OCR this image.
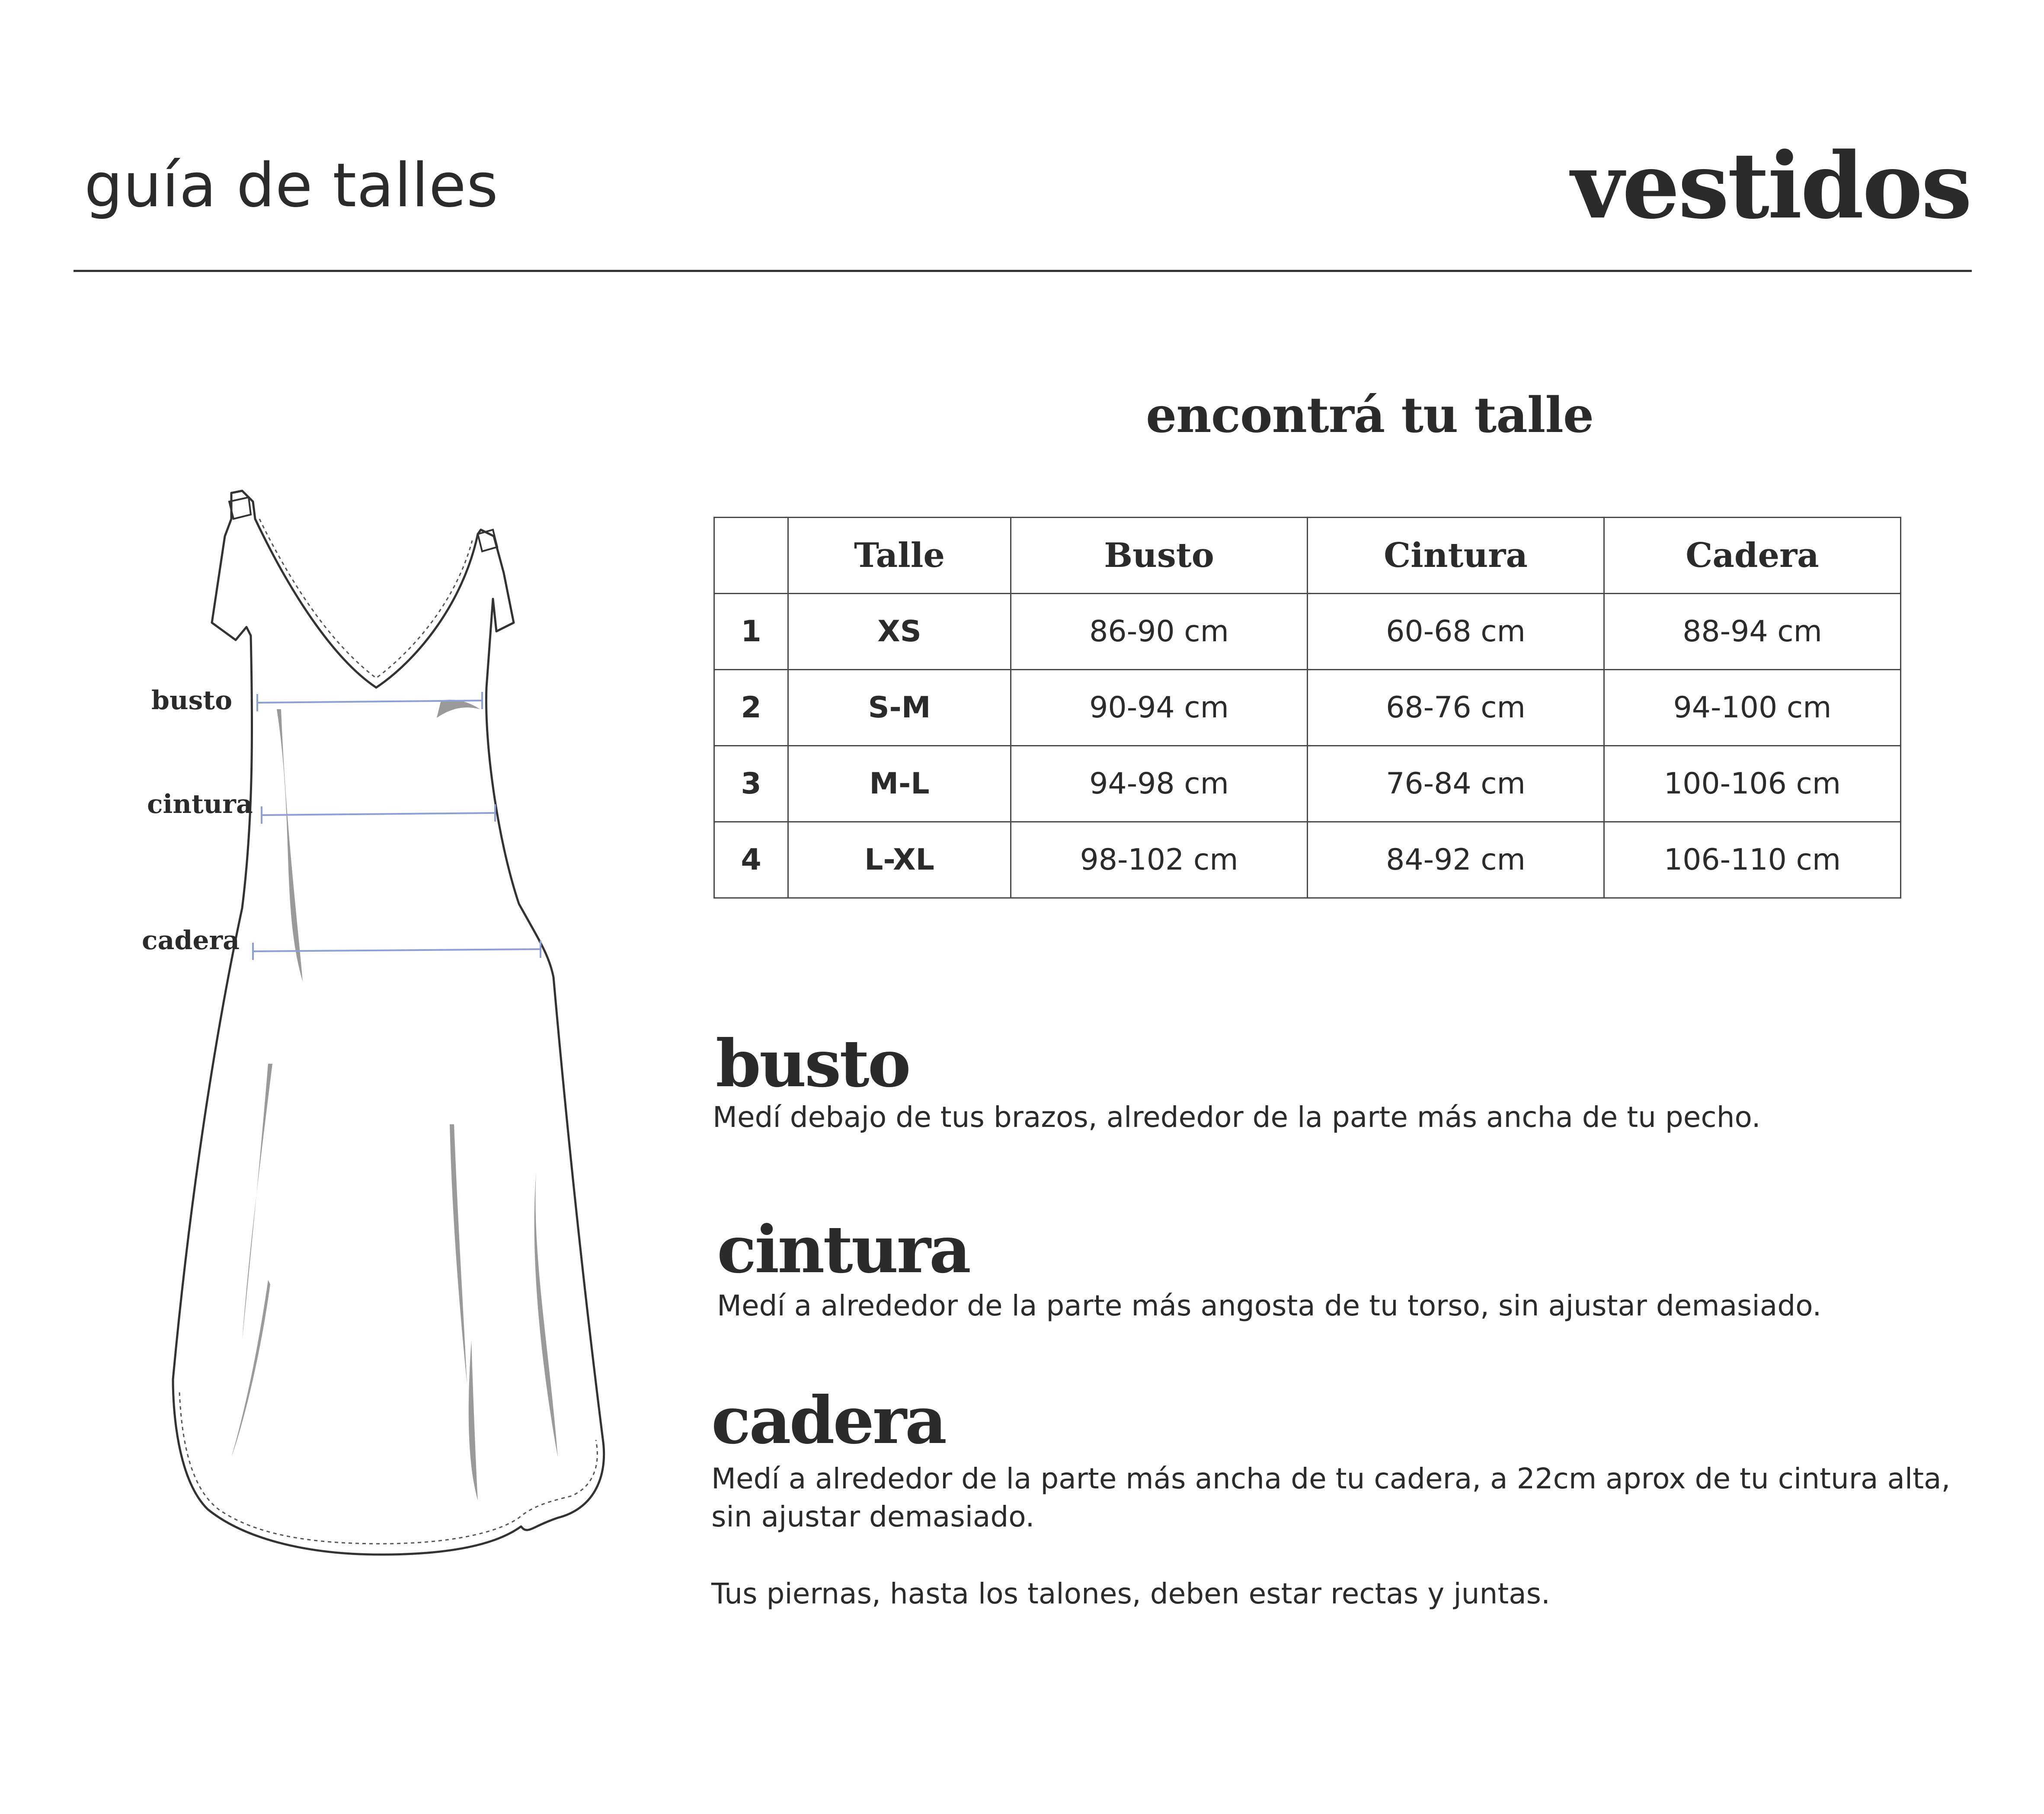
guía de talles	vestidos
busto
cintura
cadera
encontrá tu talle
	Talle	Busto	Cintura	Cadera
1	XS	86-90 cm	60-68 cm	88-94 cm
2	S-M	90-94 cm	68-76 cm	94-100 cm
3	M-L	94-98 cm	76-84 cm	100-106 cm
4	L-XL	98-102 cm	84-92 cm	106-110 cm
busto
Medí debajo de tus brazos, alrededor de la parte más ancha de tu pecho.
cintura
Medí a alrededor de la parte más angosta de tu torso, sin ajustar demasiado.
cadera
Medí a alrededor de la parte más ancha de tu cadera, a 22cm aprox de tu cintura alta,
sin ajustar demasiado.
Tus piernas, hasta los talones, deben estar rectas y juntas.
